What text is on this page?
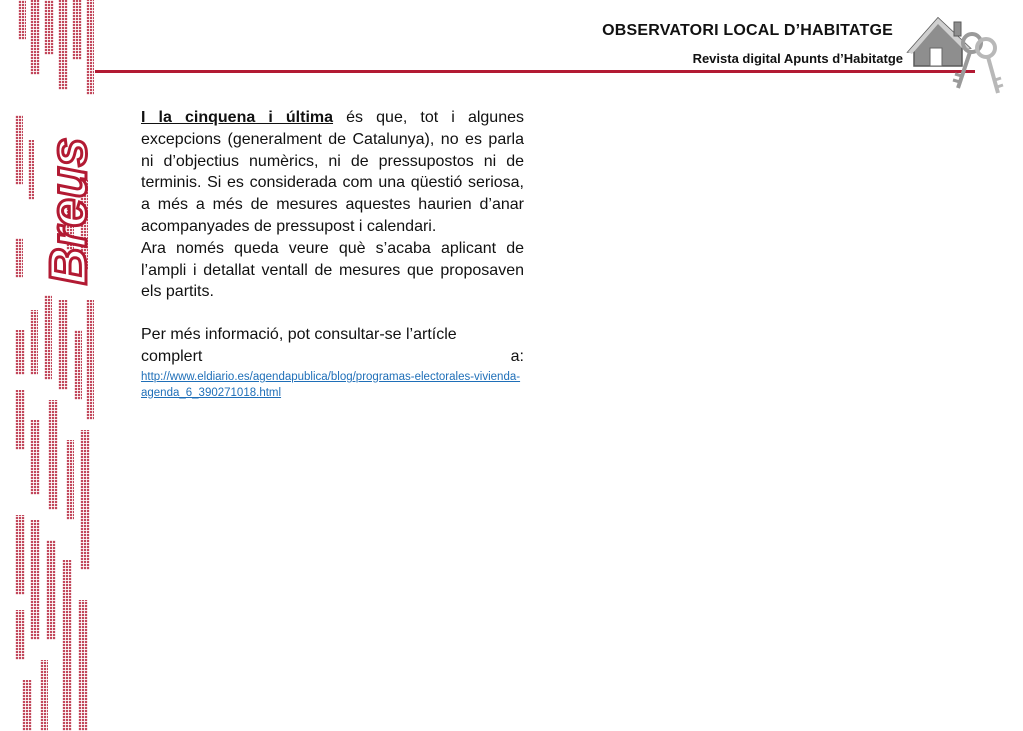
Breus
OBSERVATORI LOCAL D’HABITATGE
Revista digital Apunts d’Habitatge

I la cinquena i última és que, tot i algunes excepcions (generalment de Catalunya), no es parla ni d’objectius numèrics, ni de pressupostos ni de terminis. Si es considerada com una qüestió seriosa, a més a més de mesures aquestes haurien d’anar acompanyades de pressupost i calendari.

Ara només queda veure què s’acaba aplicant de l’ampli i detallat ventall de mesures que proposaven els partits.

Per més informació, pot consultar-se l’artícle
complert	a:

http://www.eldiario.es/agendapublica/blog/programas-electorales-vivienda-agenda_6_390271018.html
